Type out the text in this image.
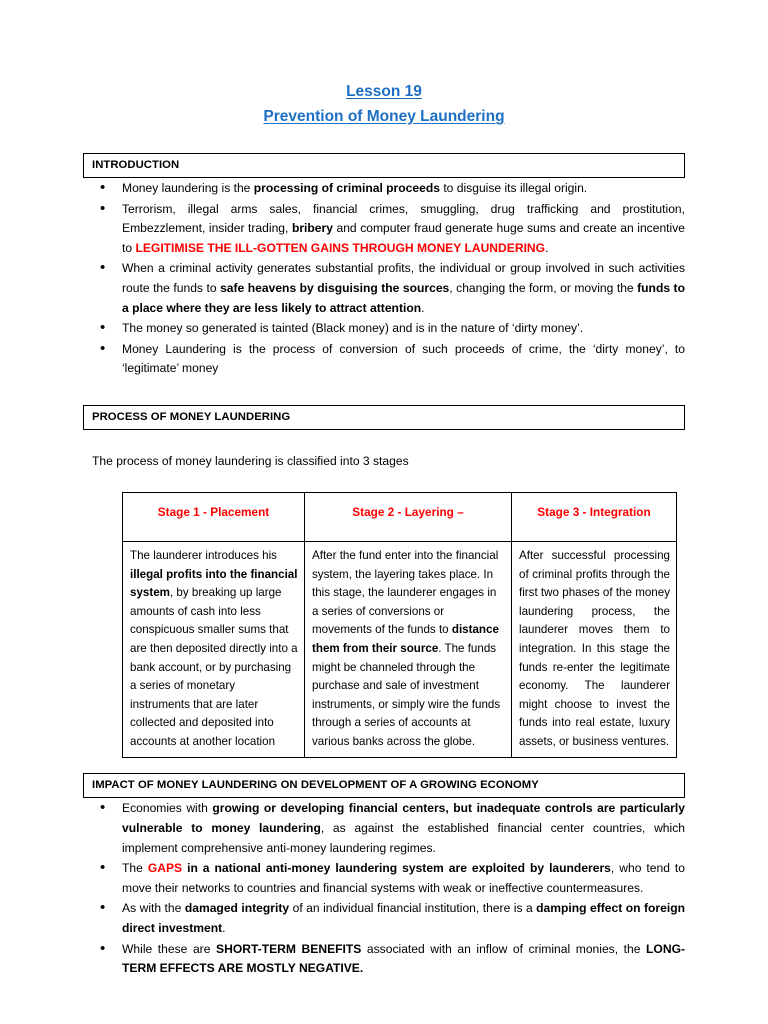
Lesson 19
Prevention of Money Laundering
INTRODUCTION
• Money laundering is the processing of criminal proceeds to disguise its illegal origin.
• Terrorism, illegal arms sales, financial crimes, smuggling, drug trafficking and prostitution, Embezzlement, insider trading, bribery and computer fraud generate huge sums and create an incentive to LEGITIMISE THE ILL-GOTTEN GAINS THROUGH MONEY LAUNDERING.
• When a criminal activity generates substantial profits, the individual or group involved in such activities route the funds to safe heavens by disguising the sources, changing the form, or moving the funds to a place where they are less likely to attract attention.
• The money so generated is tainted (Black money) and is in the nature of ‘dirty money’.
• Money Laundering is the process of conversion of such proceeds of crime, the ‘dirty money’, to ‘legitimate’ money
PROCESS OF MONEY LAUNDERING
The process of money laundering is classified into 3 stages
Stage 1 - Placement	Stage 2 - Layering –	Stage 3 - Integration
The launderer introduces his illegal profits into the financial system, by breaking up large amounts of cash into less conspicuous smaller sums that are then deposited directly into a bank account, or by purchasing a series of monetary instruments that are later collected and deposited into accounts at another location	After the fund enter into the financial system, the layering takes place. In this stage, the launderer engages in a series of conversions or movements of the funds to distance them from their source. The funds might be channeled through the purchase and sale of investment instruments, or simply wire the funds through a series of accounts at various banks across the globe.	After successful processing of criminal profits through the first two phases of the money laundering process, the launderer moves them to integration. In this stage the funds re-enter the legitimate economy. The launderer might choose to invest the funds into real estate, luxury assets, or business ventures.
IMPACT OF MONEY LAUNDERING ON DEVELOPMENT OF A GROWING ECONOMY
• Economies with growing or developing financial centers, but inadequate controls are particularly vulnerable to money laundering, as against the established financial center countries, which implement comprehensive anti-money laundering regimes.
• The GAPS in a national anti-money laundering system are exploited by launderers, who tend to move their networks to countries and financial systems with weak or ineffective countermeasures.
• As with the damaged integrity of an individual financial institution, there is a damping effect on foreign direct investment.
• While these are SHORT-TERM BENEFITS associated with an inflow of criminal monies, the LONG-TERM EFFECTS ARE MOSTLY NEGATIVE.
